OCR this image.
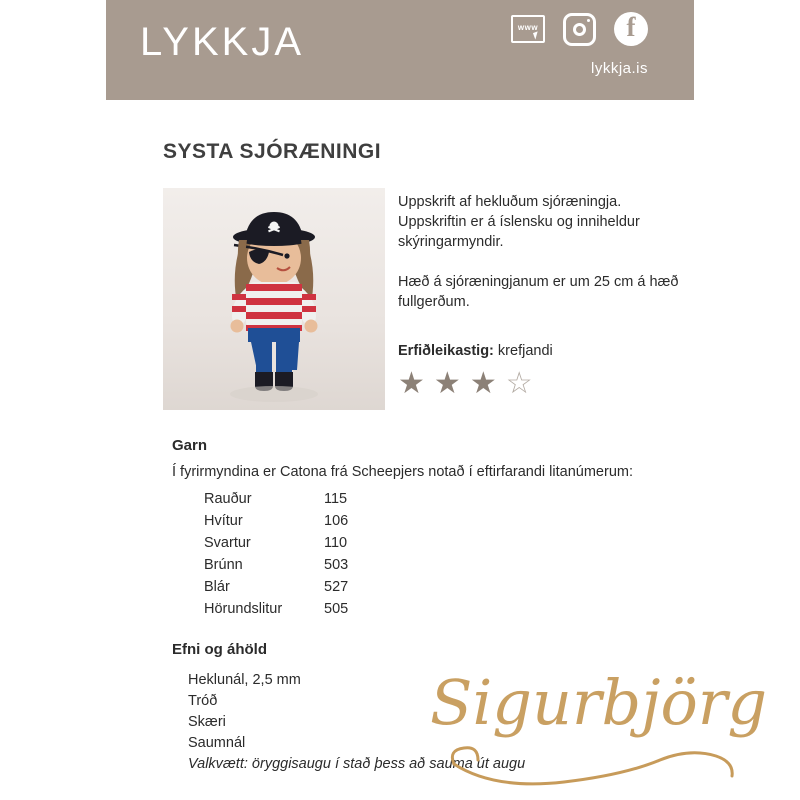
LYKKJA	www	f
lykkja.is
SYSTA SJÓRÆNINGI

Uppskrift af hekluðum sjóræningja. Uppskriftin er á íslensku og inniheldur skýringarmyndir.

Hæð á sjóræningjanum er um 25 cm á hæð fullgerðum.

Erfiðleikastig: krefjandi
★ ★ ★ ☆
Garn
Í fyrirmyndina er Catona frá Scheepjers notað í eftirfarandi litanúmerum:
Rauður	115
Hvítur	106
Svartur	110
Brúnn	503
Blár	527
Hörundslitur	505
Efni og áhöld
Heklunál, 2,5 mm
Tróð
Skæri
Saumnál
Valkvætt: öryggisaugu í stað þess að sauma út augu
Sigurbjörg
